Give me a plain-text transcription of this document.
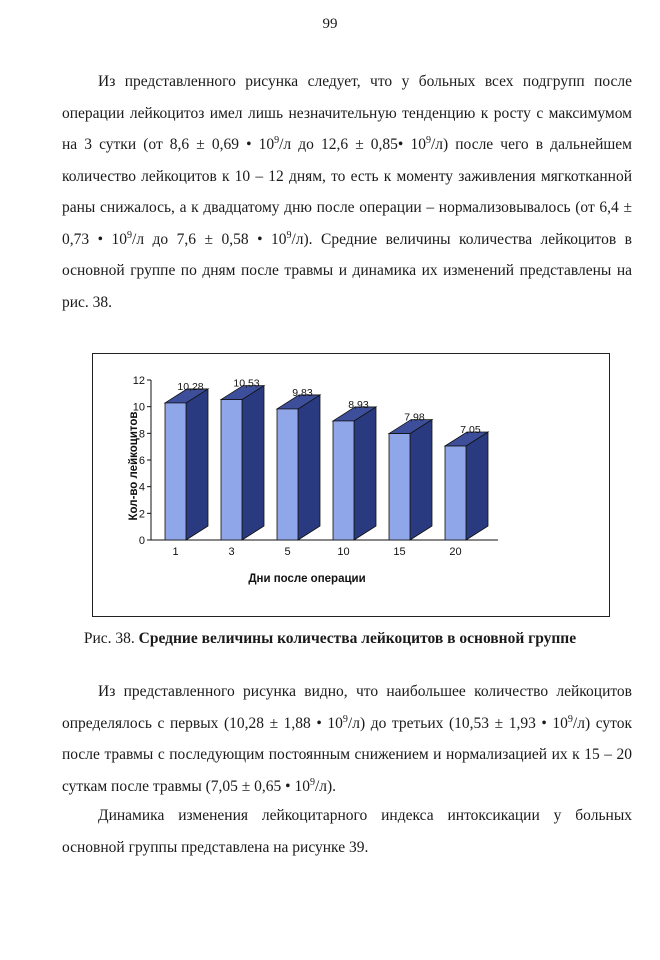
99

Из представленного рисунка следует, что у больных всех подгрупп после операции лейкоцитоз имел лишь незначительную тенденцию к росту с максимумом на 3 сутки (от 8,6 ± 0,69 • $10^9/л$ до 12,6 ± 0,85• $10^9/л$) после чего в дальнейшем количество лейкоцитов к 10 – 12 дням, то есть к моменту заживления мягкотканной раны снижалось, а к двадцатому дню после операции – нормализовывалось (от 6,4 ± 0,73 • $10^9/л$ до 7,6 ± 0,58 • $10^9/л$). Средние величины количества лейкоцитов в основной группе по дням после травмы и динамика их изменений представлены на рис. 38.

0
2
4
6
8
10
12	10,28
1
10,53
3
9,83
5
8,93
10
7,98
15
7,05
20
Дни после операции
Кол-во лейкоцитов
Рис. 38. Средние величины количества лейкоцитов в основной группе

Из представленного рисунка видно, что наибольшее количество лейкоцитов определялось с первых (10,28 ± 1,88 • $10^9/л$) до третьих (10,53 ± 1,93 • $10^9/л$) суток после травмы с последующим постоянным снижением и нормализацией их к 15 – 20 суткам после травмы (7,05 ± 0,65 • $10^9/л$).

Динамика изменения лейкоцитарного индекса интоксикации у больных основной группы представлена на рисунке 39.
